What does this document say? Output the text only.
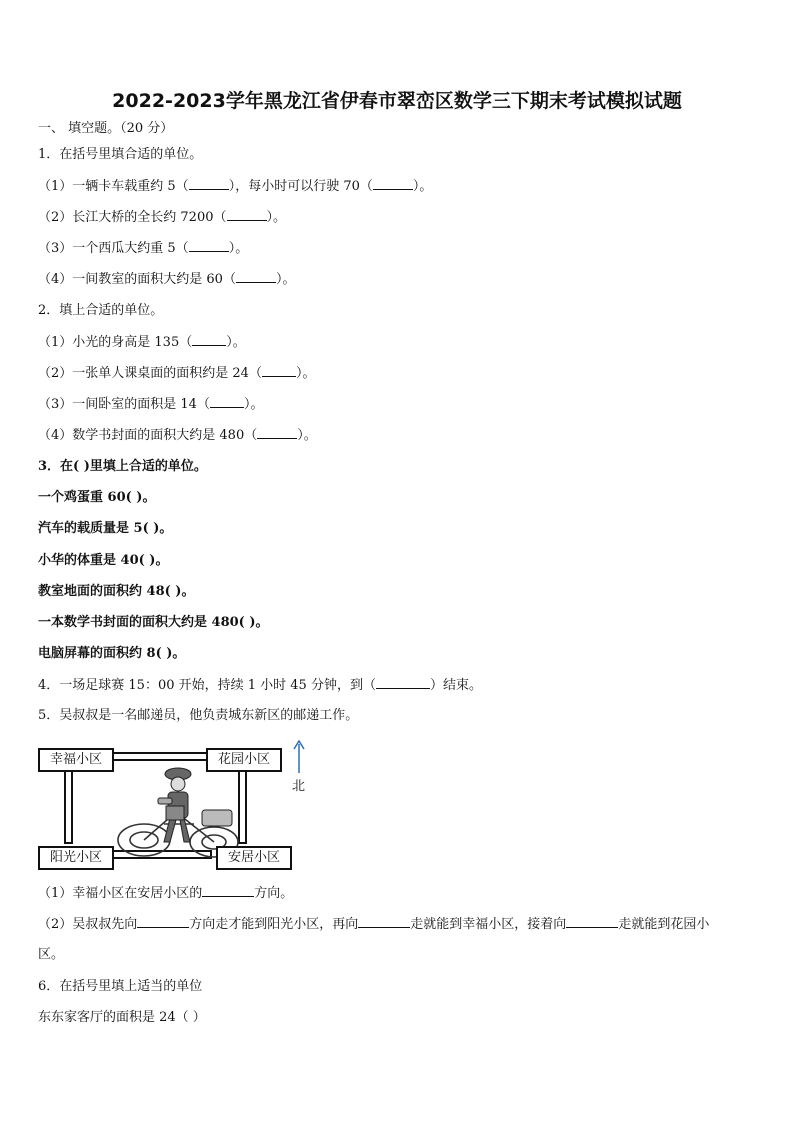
2022-2023学年黑龙江省伊春市翠峦区数学三下期末考试模拟试题
一、 填空题。（20 分）
1．在括号里填合适的单位。
（1）一辆卡车载重约 5（	），每小时可以行驶 70（	）。
（2）长江大桥的全长约 7200（	）。
（3）一个西瓜大约重 5（	）。
（4）一间教室的面积大约是 60（	）。
2．填上合适的单位。
（1）小光的身高是 135（	）。
（2）一张单人课桌面的面积约是 24（	）。
（3）一间卧室的面积是 14（	）。
（4）数学书封面的面积大约是 480（	）。
3．在( )里填上合适的单位。
一个鸡蛋重 60( )。
汽车的载质量是 5( )。
小华的体重是 40( )。
教室地面的面积约 48( )。
一本数学书封面的面积大约是 480( )。
电脑屏幕的面积约 8( )。
4．一场足球赛 15：00 开始，持续 1 小时 45 分钟，到（	）结束。
5．吴叔叔是一名邮递员，他负责城东新区的邮递工作。
幸福小区	花园小区
阳光小区	安居小区
北
（1）幸福小区在安居小区的	方向。
（2）吴叔叔先向	方向走才能到阳光小区，再向	走就能到幸福小区，接着向	走就能到花园小
区。
6．在括号里填上适当的单位
东东家客厅的面积是 24（ ）
